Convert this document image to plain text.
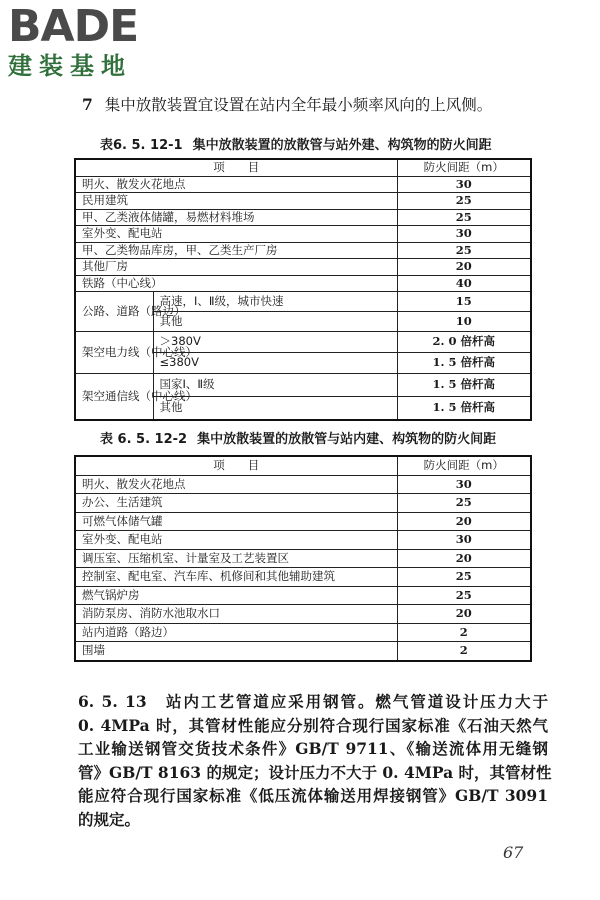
BADE
建装基地
7 集中放散装置宜设置在站内全年最小频率风向的上风侧。
表6. 5. 12-1 集中放散装置的放散管与站外建、构筑物的防火间距
项　　目		防火间距（m）
明火、散发火花地点		30
民用建筑		25
甲、乙类液体储罐，易燃材料堆场		25
室外变、配电站		30
甲、乙类物品库房，甲、乙类生产厂房		25
其他厂房		20
铁路（中心线）		40
公路、道路（路边）	高速，Ⅰ、Ⅱ级，城市快速	15
	其他	10
架空电力线（中心线）	＞380V	2. 0 倍杆高
	≤380V	1. 5 倍杆高
架空通信线（中心线）	国家Ⅰ、Ⅱ级	1. 5 倍杆高
	其他	1. 5 倍杆高
表 6. 5. 12-2 集中放散装置的放散管与站内建、构筑物的防火间距
项　　目	防火间距（m）
明火、散发火花地点	30
办公、生活建筑	25
可燃气体储气罐	20
室外变、配电站	30
调压室、压缩机室、计量室及工艺装置区	20
控制室、配电室、汽车库、机修间和其他辅助建筑	25
燃气锅炉房	25
消防泵房、消防水池取水口	20
站内道路（路边）	2
围墙	2
6. 5. 13　站内工艺管道应采用钢管。燃气管道设计压力大于
0. 4MPa 时，其管材性能应分别符合现行国家标准《石油天然气
工业输送钢管交货技术条件》GB/T 9711、《输送流体用无缝钢
管》GB/T 8163 的规定；设计压力不大于 0. 4MPa 时，其管材性
能应符合现行国家标准《低压流体输送用焊接钢管》GB/T 3091
的规定。
67
